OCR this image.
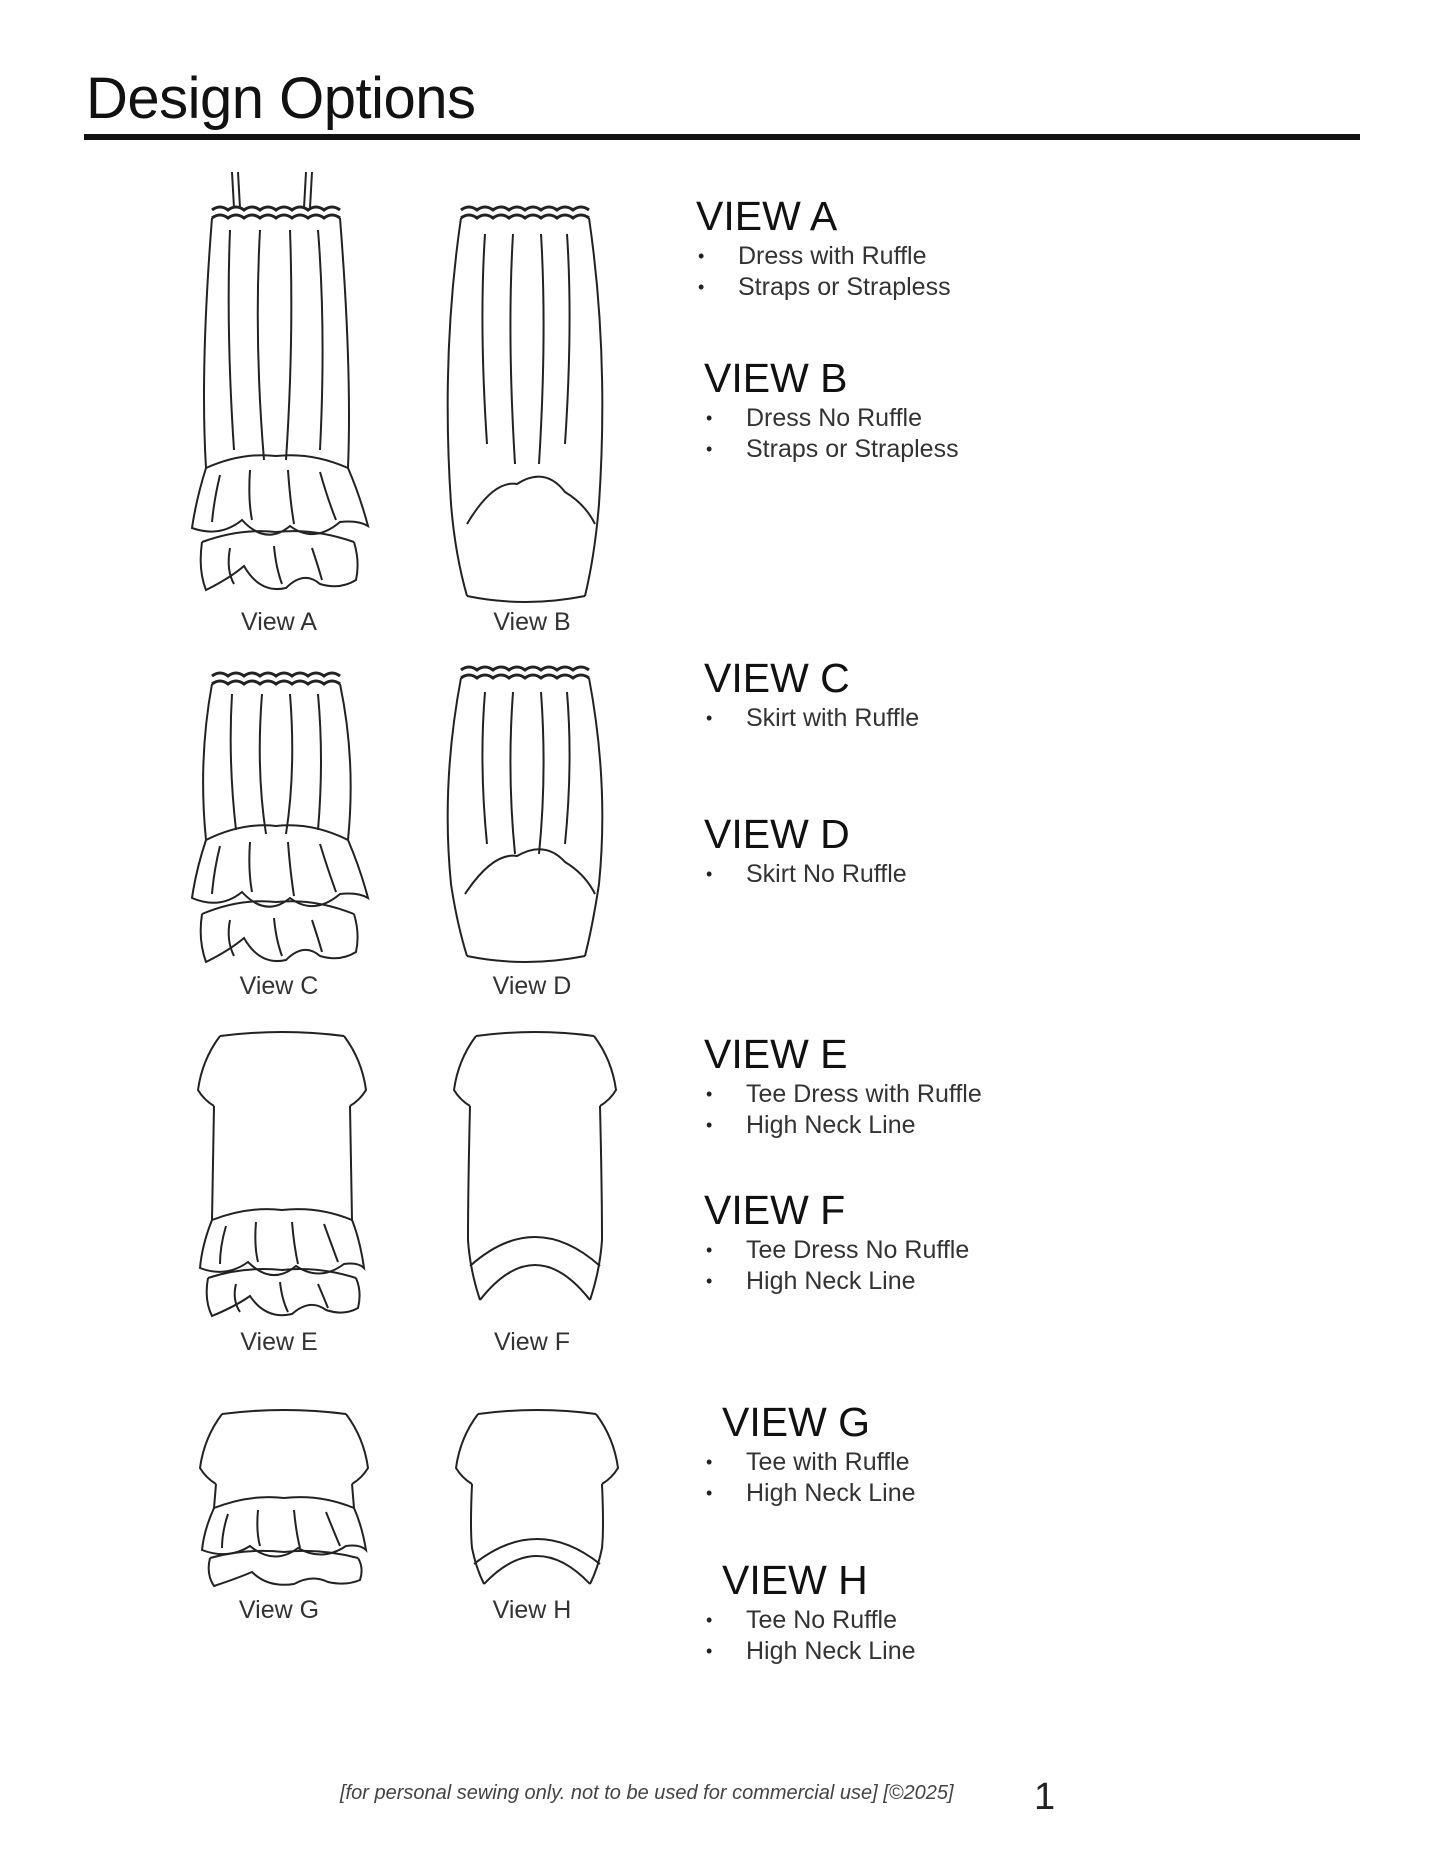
Design Options
View A	View B
View C	View D
View E	View F
View G	View H
VIEW A
• Dress with Ruffle
• Straps or Strapless
VIEW B
• Dress No Ruffle
• Straps or Strapless
VIEW C
• Skirt with Ruffle
VIEW D
• Skirt No Ruffle
VIEW E
• Tee Dress with Ruffle
• High Neck Line
VIEW F
• Tee Dress No Ruffle
• High Neck Line
VIEW G
• Tee with Ruffle
• High Neck Line
VIEW H
• Tee No Ruffle
• High Neck Line
[for personal sewing only. not to be used for commercial use] [©2025] 1
